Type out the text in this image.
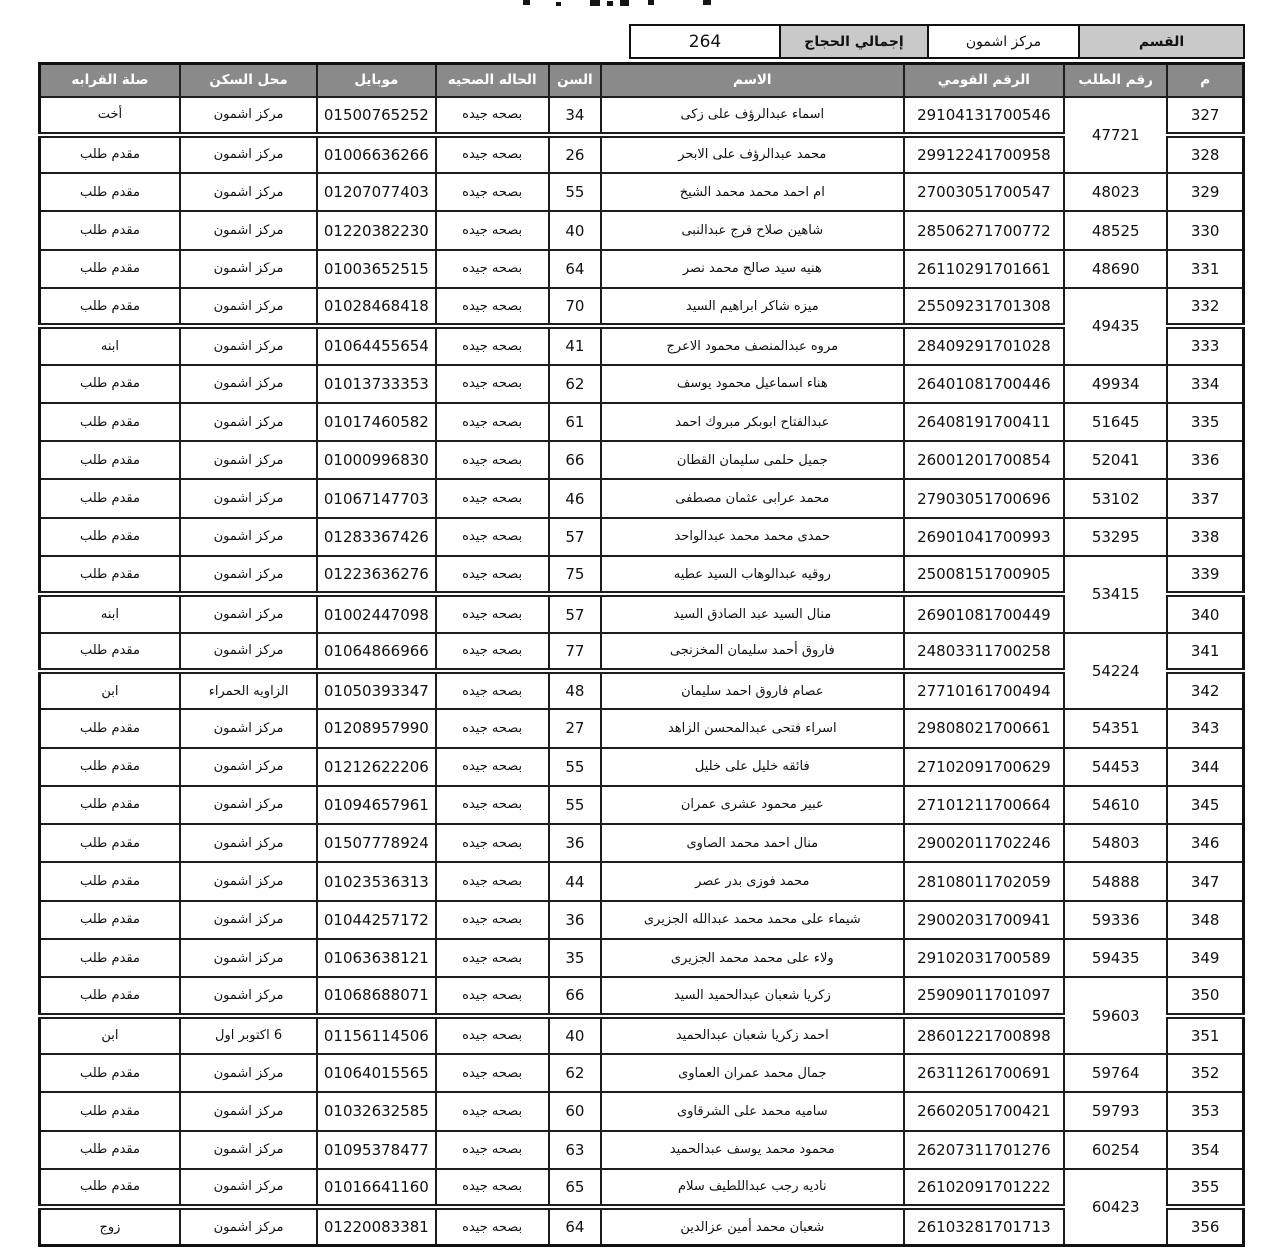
القسم
مركز اشمون
إجمالي الحجاج
264
م	رقم الطلب	الرقم القومي	الاسم	السن	الحاله الصحيه	موبايل	محل السكن	صلة القرابه
327	47721	29104131700546	اسماء عبدالرؤف على زكى	34	بصحه جيده	01500765252	مركز اشمون	أخت
328		29912241700958	محمد عبدالرؤف على الابحر	26	بصحه جيده	01006636266	مركز اشمون	مقدم طلب
329	48023	27003051700547	ام احمد محمد محمد الشيخ	55	بصحه جيده	01207077403	مركز اشمون	مقدم طلب
330	48525	28506271700772	شاهين صلاح فرج عبدالنبى	40	بصحه جيده	01220382230	مركز اشمون	مقدم طلب
331	48690	26110291701661	هنيه سيد صالح محمد نصر	64	بصحه جيده	01003652515	مركز اشمون	مقدم طلب
332	49435	25509231701308	ميزه شاكر ابراهيم السيد	70	بصحه جيده	01028468418	مركز اشمون	مقدم طلب
333		28409291701028	مروه عبدالمنصف محمود الاعرج	41	بصحه جيده	01064455654	مركز اشمون	ابنه
334	49934	26401081700446	هناء اسماعيل محمود يوسف	62	بصحه جيده	01013733353	مركز اشمون	مقدم طلب
335	51645	26408191700411	عبدالفتاح ابوبكر مبروك احمد	61	بصحه جيده	01017460582	مركز اشمون	مقدم طلب
336	52041	26001201700854	جميل حلمى سليمان القطان	66	بصحه جيده	01000996830	مركز اشمون	مقدم طلب
337	53102	27903051700696	محمد عرابى عثمان مصطفى	46	بصحه جيده	01067147703	مركز اشمون	مقدم طلب
338	53295	26901041700993	حمدى محمد محمد عبدالواحد	57	بصحه جيده	01283367426	مركز اشمون	مقدم طلب
339	53415	25008151700905	روقيه عبدالوهاب السيد عطيه	75	بصحه جيده	01223636276	مركز اشمون	مقدم طلب
340		26901081700449	منال السيد عبد الصادق السيد	57	بصحه جيده	01002447098	مركز اشمون	ابنه
341	54224	24803311700258	فاروق أحمد سليمان المخزنجى	77	بصحه جيده	01064866966	مركز اشمون	مقدم طلب
342		27710161700494	عصام فاروق احمد سليمان	48	بصحه جيده	01050393347	الزاويه الحمراء	ابن
343	54351	29808021700661	اسراء فتحى عبدالمحسن الزاهد	27	بصحه جيده	01208957990	مركز اشمون	مقدم طلب
344	54453	27102091700629	فائقه خليل على خليل	55	بصحه جيده	01212622206	مركز اشمون	مقدم طلب
345	54610	27101211700664	عبير محمود عشرى عمران	55	بصحه جيده	01094657961	مركز اشمون	مقدم طلب
346	54803	29002011702246	منال احمد محمد الصاوى	36	بصحه جيده	01507778924	مركز اشمون	مقدم طلب
347	54888	28108011702059	محمد فوزى بدر عصر	44	بصحه جيده	01023536313	مركز اشمون	مقدم طلب
348	59336	29002031700941	شيماء على محمد محمد عبدالله الجزيرى	36	بصحه جيده	01044257172	مركز اشمون	مقدم طلب
349	59435	29102031700589	ولاء على محمد محمد الجزيرى	35	بصحه جيده	01063638121	مركز اشمون	مقدم طلب
350	59603	25909011701097	زكريا شعبان عبدالحميد السيد	66	بصحه جيده	01068688071	مركز اشمون	مقدم طلب
351		28601221700898	احمد زكريا شعبان عبدالحميد	40	بصحه جيده	01156114506	6 اكتوبر اول	ابن
352	59764	26311261700691	جمال محمد عمران العماوى	62	بصحه جيده	01064015565	مركز اشمون	مقدم طلب
353	59793	26602051700421	ساميه محمد على الشرقاوى	60	بصحه جيده	01032632585	مركز اشمون	مقدم طلب
354	60254	26207311701276	محمود محمد يوسف عبدالحميد	63	بصحه جيده	01095378477	مركز اشمون	مقدم طلب
355	60423	26102091701222	ناديه رجب عبداللطيف سلام	65	بصحه جيده	01016641160	مركز اشمون	مقدم طلب
356		26103281701713	شعبان محمد أمين عزالدين	64	بصحه جيده	01220083381	مركز اشمون	زوج
